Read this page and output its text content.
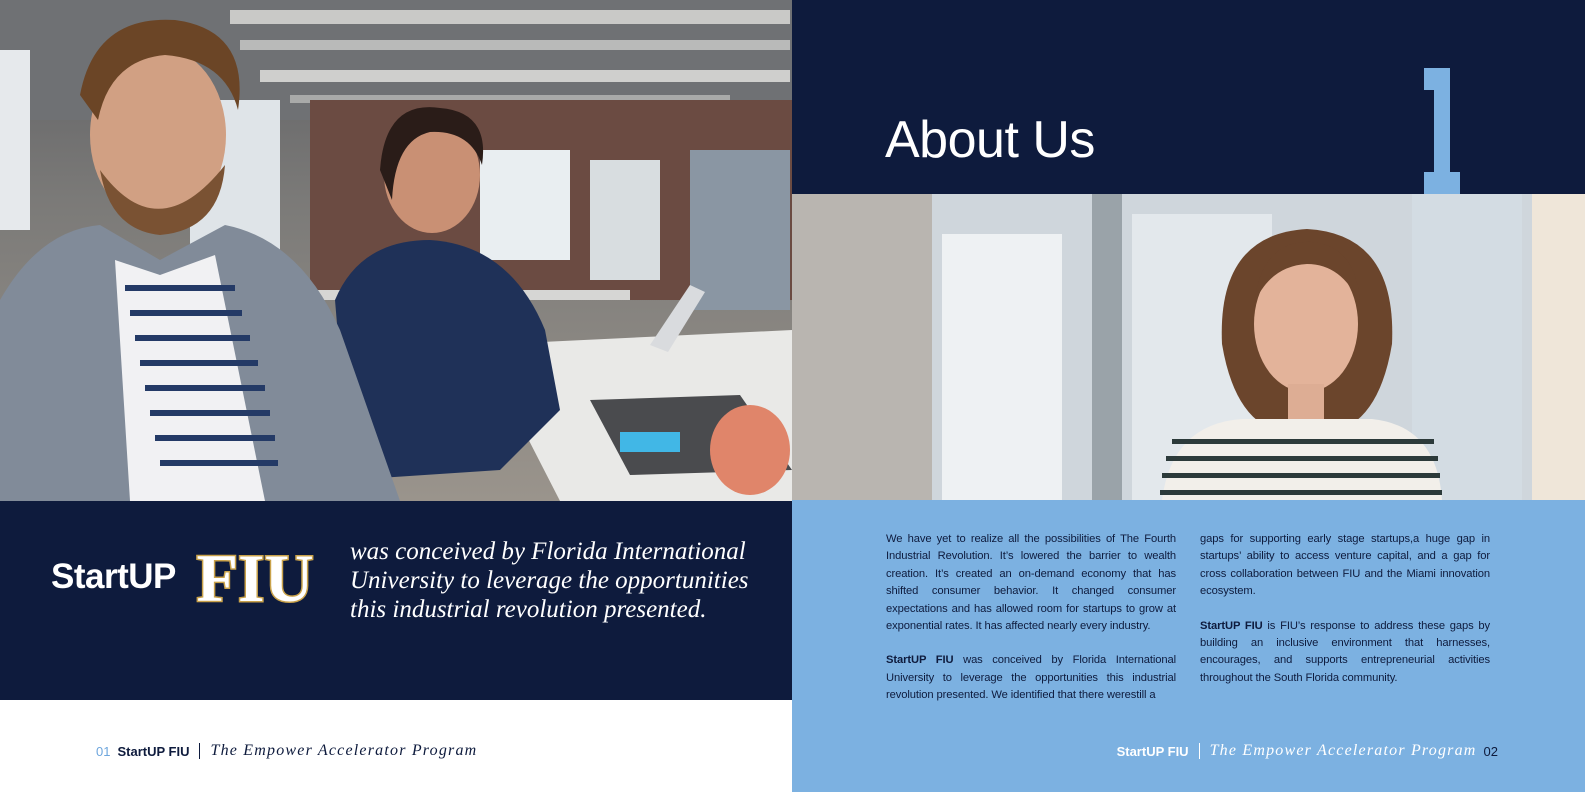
StartUP FIU was conceived by Florida International
University to leverage the opportunities
this industrial revolution presented.
01 StartUP FIU The Empower Accelerator Program
About Us
1

We have yet to realize all the possibilities of The Fourth Industrial Revolution. It’s lowered the barrier to wealth creation. It’s created an on-demand economy that has shifted consumer behavior. It changed consumer expectations and has allowed room for startups to grow at exponential rates. It has affected nearly every industry.

StartUP FIU was conceived by Florida International University to leverage the opportunities this industrial revolution presented. We identified that there werestill a

gaps for supporting early stage startups,a huge gap in startups’ ability to access venture capital, and a gap for cross collaboration between FIU and the Miami innovation ecosystem.

StartUP FIU is FIU’s response to address these gaps by building an inclusive environment that harnesses, encourages, and supports entrepreneurial activities throughout the South Florida community.

StartUP FIU The Empower Accelerator Program 02
